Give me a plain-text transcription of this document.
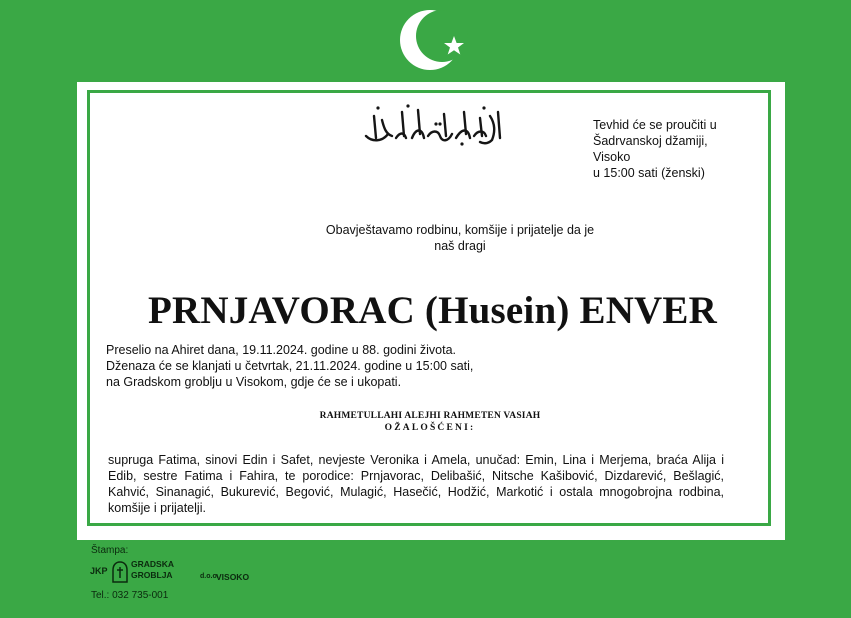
Tevhid će se proučiti u
Šadrvanskoj džamiji, Visoko
u 15:00 sati (ženski)
Obavještavamo rodbinu, komšije i prijatelje da je
naš dragi
PRNJAVORAC (Husein) ENVER
Preselio na Ahiret dana, 19.11.2024. godine u 88. godini života.
Dženaza će se klanjati u četvrtak, 21.11.2024. godine u 15:00 sati,
na Gradskom groblju u Visokom, gdje će se i ukopati.
RAHMETULLAHI ALEJHI RAHMETEN VASIAH
OŽALOŠĆENI:
supruga Fatima, sinovi Edin i Safet, nevjeste Veronika i Amela, unučad: Emin, Lina i Merjema, braća Alija i Edib, sestre Fatima i Fahira, te porodice: Prnjavorac, Delibašić, Nitsche Kašibović, Dizdarević, Bešlagić, Kahvić, Sinanagić, Bukurević, Begović, Mulagić, Hasečić, Hodžić, Markotić i ostala mnogobrojna rodbina, komšije i prijatelji.
Štampa:
JKP
GRADSKA
GROBLJA	d.o.o.
VISOKO
Tel.: 032 735-001
